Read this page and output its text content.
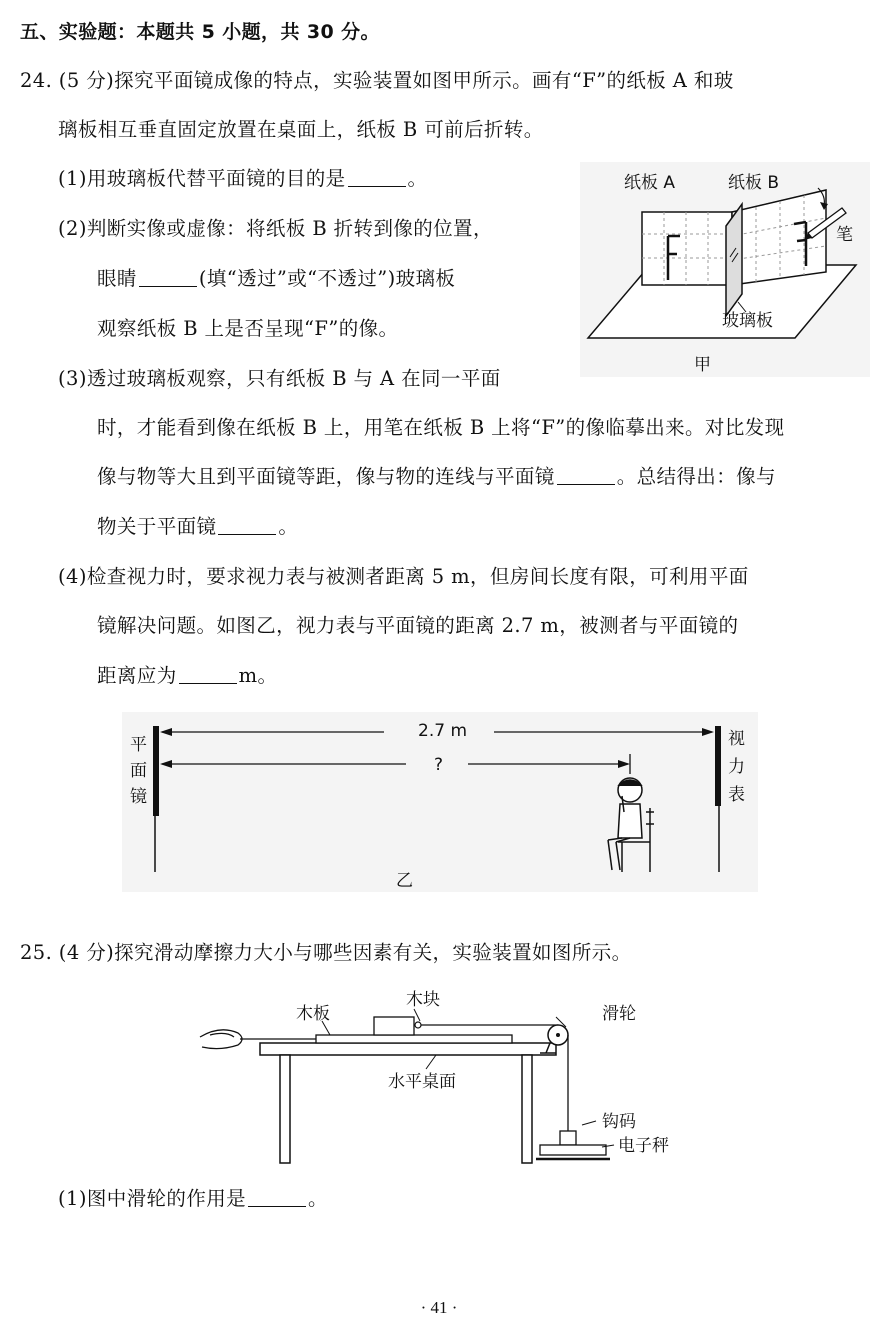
五、实验题：本题共 5 小题，共 30 分。
24. (5 分)探究平面镜成像的特点，实验装置如图甲所示。画有“F”的纸板 A 和玻
璃板相互垂直固定放置在桌面上，纸板 B 可前后折转。
(1)用玻璃板代替平面镜的目的是	。
(2)判断实像或虚像：将纸板 B 折转到像的位置，
眼睛	(填“透过”或“不透过”)玻璃板
观察纸板 B 上是否呈现“F”的像。
(3)透过玻璃板观察，只有纸板 B 与 A 在同一平面
时，才能看到像在纸板 B 上，用笔在纸板 B 上将“F”的像临摹出来。对比发现
像与物等大且到平面镜等距，像与物的连线与平面镜	。总结得出：像与
物关于平面镜	。
(4)检查视力时，要求视力表与被测者距离 5 m，但房间长度有限，可利用平面
镜解决问题。如图乙，视力表与平面镜的距离 2.7 m，被测者与平面镜的
距离应为	m。
纸板 A	纸板 B
笔
玻璃板
甲
2.7 m
?
平
面
镜
视
力
表
乙
25. (4 分)探究滑动摩擦力大小与哪些因素有关，实验装置如图所示。
木板
木块
滑轮
水平桌面
钩码
电子秤
(1)图中滑轮的作用是	。
· 41 ·
